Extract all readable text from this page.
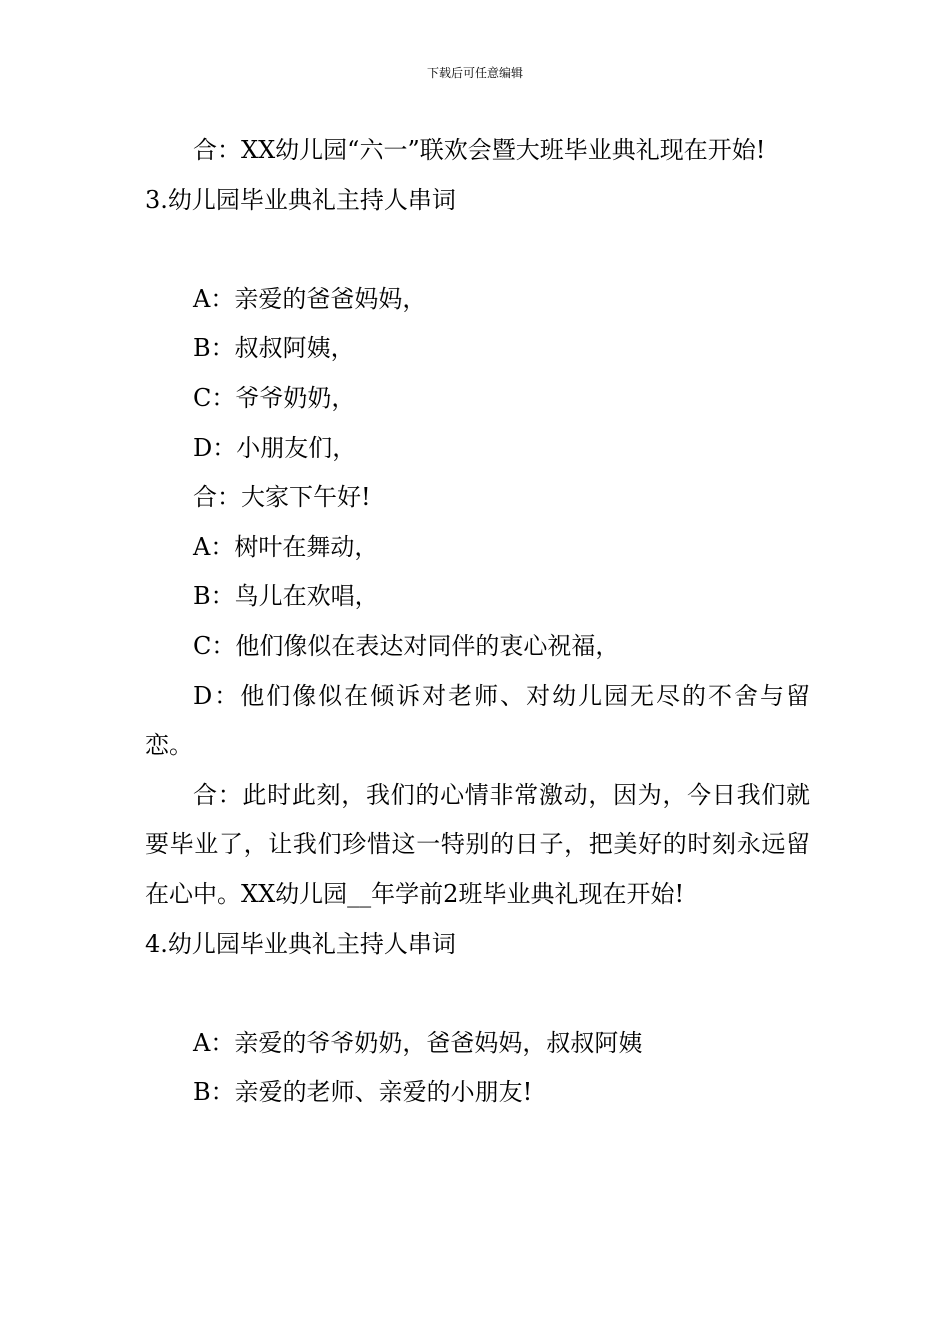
下载后可任意编辑

合：XX幼儿园“六一”联欢会暨大班毕业典礼现在开始!

3.幼儿园毕业典礼主持人串词

A：亲爱的爸爸妈妈，

B：叔叔阿姨，

C：爷爷奶奶，

D：小朋友们，

合：大家下午好!

A：树叶在舞动，

B：鸟儿在欢唱，

C：他们像似在表达对同伴的衷心祝福，

D：他们像似在倾诉对老师、对幼儿园无尽的不舍与留恋。

合：此时此刻，我们的心情非常激动，因为，今日我们就要毕业了，让我们珍惜这一特别的日子，把美好的时刻永远留在心中。XX幼儿园__年学前2班毕业典礼现在开始!

4.幼儿园毕业典礼主持人串词

A：亲爱的爷爷奶奶，爸爸妈妈，叔叔阿姨

B：亲爱的老师、亲爱的小朋友!
